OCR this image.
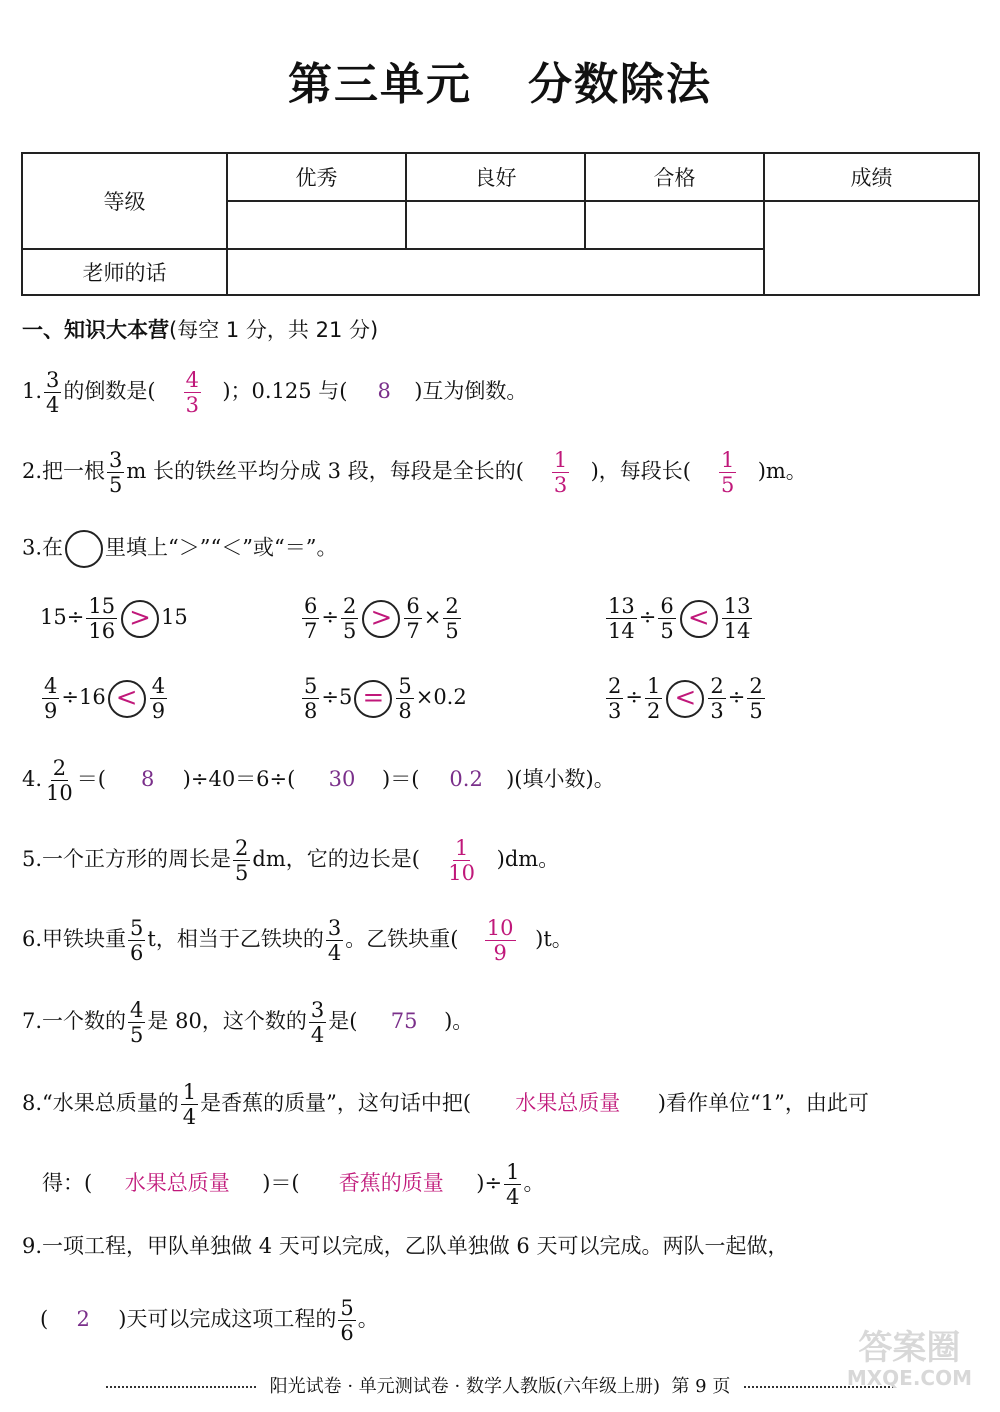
第三单元 分数除法
等级	优秀	良好	合格	成绩

老师的话				
一、知识大本营(每空 1 分，共 21 分)
1. $\frac{3}{4}$ 的倒数是( $\frac{4}{3}$ )；0.125 与( 8 )互为倒数。
2.把一根 $\frac{3}{5}$ m 长的铁丝平均分成 3 段，每段是全长的( $\frac{1}{3}$ )，每段长( $\frac{1}{5} )m$。
3.在 里填上“＞”“＜”或“＝”。
$15\div \frac{15}{16} > 15$	$\frac{6}{7} \div \frac{2}{5} > \frac{6}{7} \times \frac{2}{5}$	$\frac{13}{14} \div \frac{6}{5} < \frac{13}{14}$
$\frac{4}{9} \div 16 < \frac{4}{9}$	$\frac{5}{8} \div 5 = \frac{5}{8} \times 0.2$	$\frac{2}{3} \div \frac{1}{2} < \frac{2}{3} \div \frac{2}{5}$
4. $\frac{2}{10}$ ＝( 8 )÷40＝6÷( 30 )＝( 0.2 )(填小数)。
5.一个正方形的周长是 $\frac{2}{5}$ dm，它的边长是( $\frac{1}{10} )dm$。
6.甲铁块重 $\frac{5}{6}$ t，相当于乙铁块的 $\frac{3}{4}$ 。乙铁块重( $\frac{10}{9} )t$。
7.一个数的 $\frac{4}{5}$ 是 80，这个数的 $\frac{3}{4}$ 是( 75 )。
8.“水果总质量的 $\frac{1}{4}$ 是香蕉的质量”，这句话中把( 水果总质量 )看作单位“1”，由此可
得：( 水果总质量 )＝( 香蕉的质量 )÷ $\frac{1}{4}$ 。
9.一项工程，甲队单独做 4 天可以完成，乙队单独做 6 天可以完成。两队一起做，
( 2 )天可以完成这项工程的 $\frac{5}{6}$ 。
阳光试卷 · 单元测试卷 · 数学人教版(六年级上册) 第 9 页
答案圈
MXQE.COM
